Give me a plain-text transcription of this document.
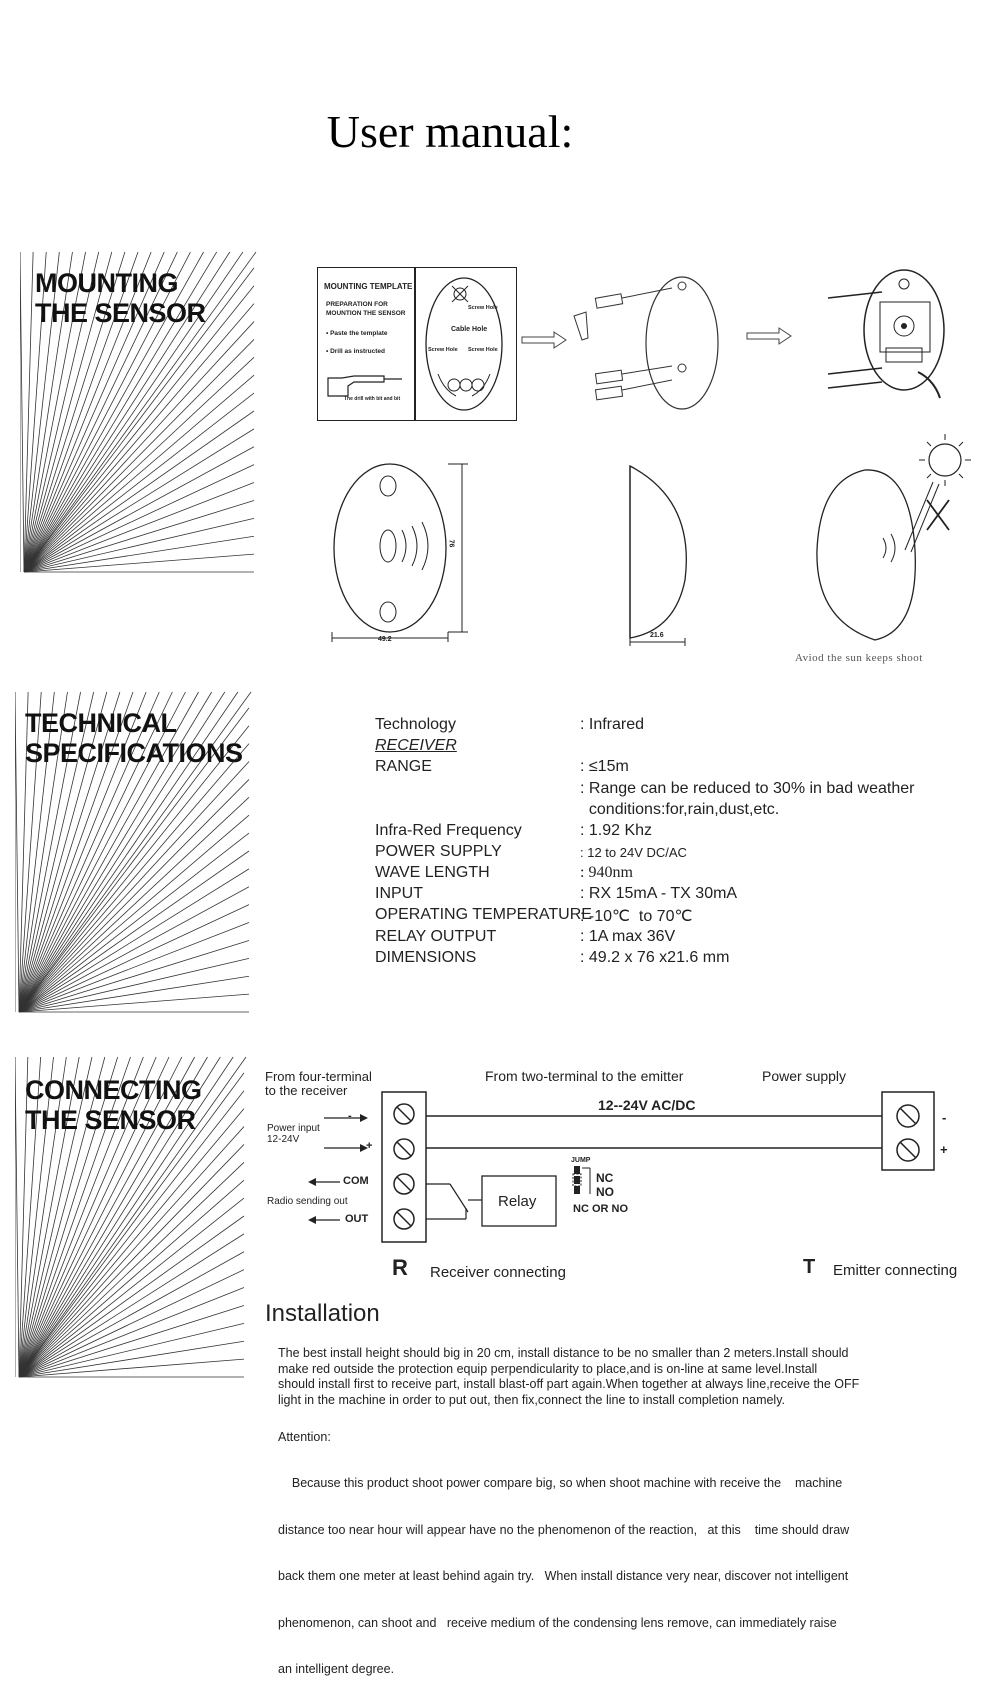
User manual:
MOUNTING
THE SENSOR
MOUNTING TEMPLATE
PREPARATION FOR
MOUNTION THE SENSOR
• Paste the template
• Drill as instructed
The drill with bit and bit
Screw Hole
Cable Hole
Screw Hole Screw Hole
49.2
76
21.6
Aviod the sun keeps shoot
TECHNICAL
SPECIFICATIONS
Technology	: Infrared
RECEIVER
RANGE	: ≤15m
: Range can be reduced to 30% in bad weather
conditions:for,rain,dust,etc.
Infra-Red Frequency	: 1.92 Khz
POWER SUPPLY	: 12 to 24V DC/AC
WAVE LENGTH	: 940nm
INPUT	: RX 15mA - TX 30mA
OPERATING TEMPERATURE
: -10℃  to 70℃
RELAY OUTPUT	: 1A max 36V
DIMENSIONS	: 49.2 x 76 x21.6 mm
CONNECTING
THE SENSOR
From four-terminal
to the receiver
From two-terminal to the emitter	Power supply
12--24V AC/DC
-
+
Power input
12-24V
COM
Radio sending out
OUT
Relay
JUMP
NC
NO
NC OR NO
-
+
R Receiver connecting	T Emitter connecting
Installation
The best install height should big in 20 cm, install distance to be no smaller than 2 meters.Install should
make red outside the protection equip perpendicularity to place,and is on-line at same level.Install
should install first to receive part, install blast-off part again.When together at always line,receive the OFF
light in the machine in order to put out, then fix,connect the line to install completion namely.
Attention:

Because this product shoot power compare big, so when shoot machine with receive the    machine

distance too near hour will appear have no the phenomenon of the reaction,   at this    time should draw

back them one meter at least behind again try.   When install distance very near, discover not intelligent

phenomenon, can shoot and   receive medium of the condensing lens remove, can immediately raise

an intelligent degree.
